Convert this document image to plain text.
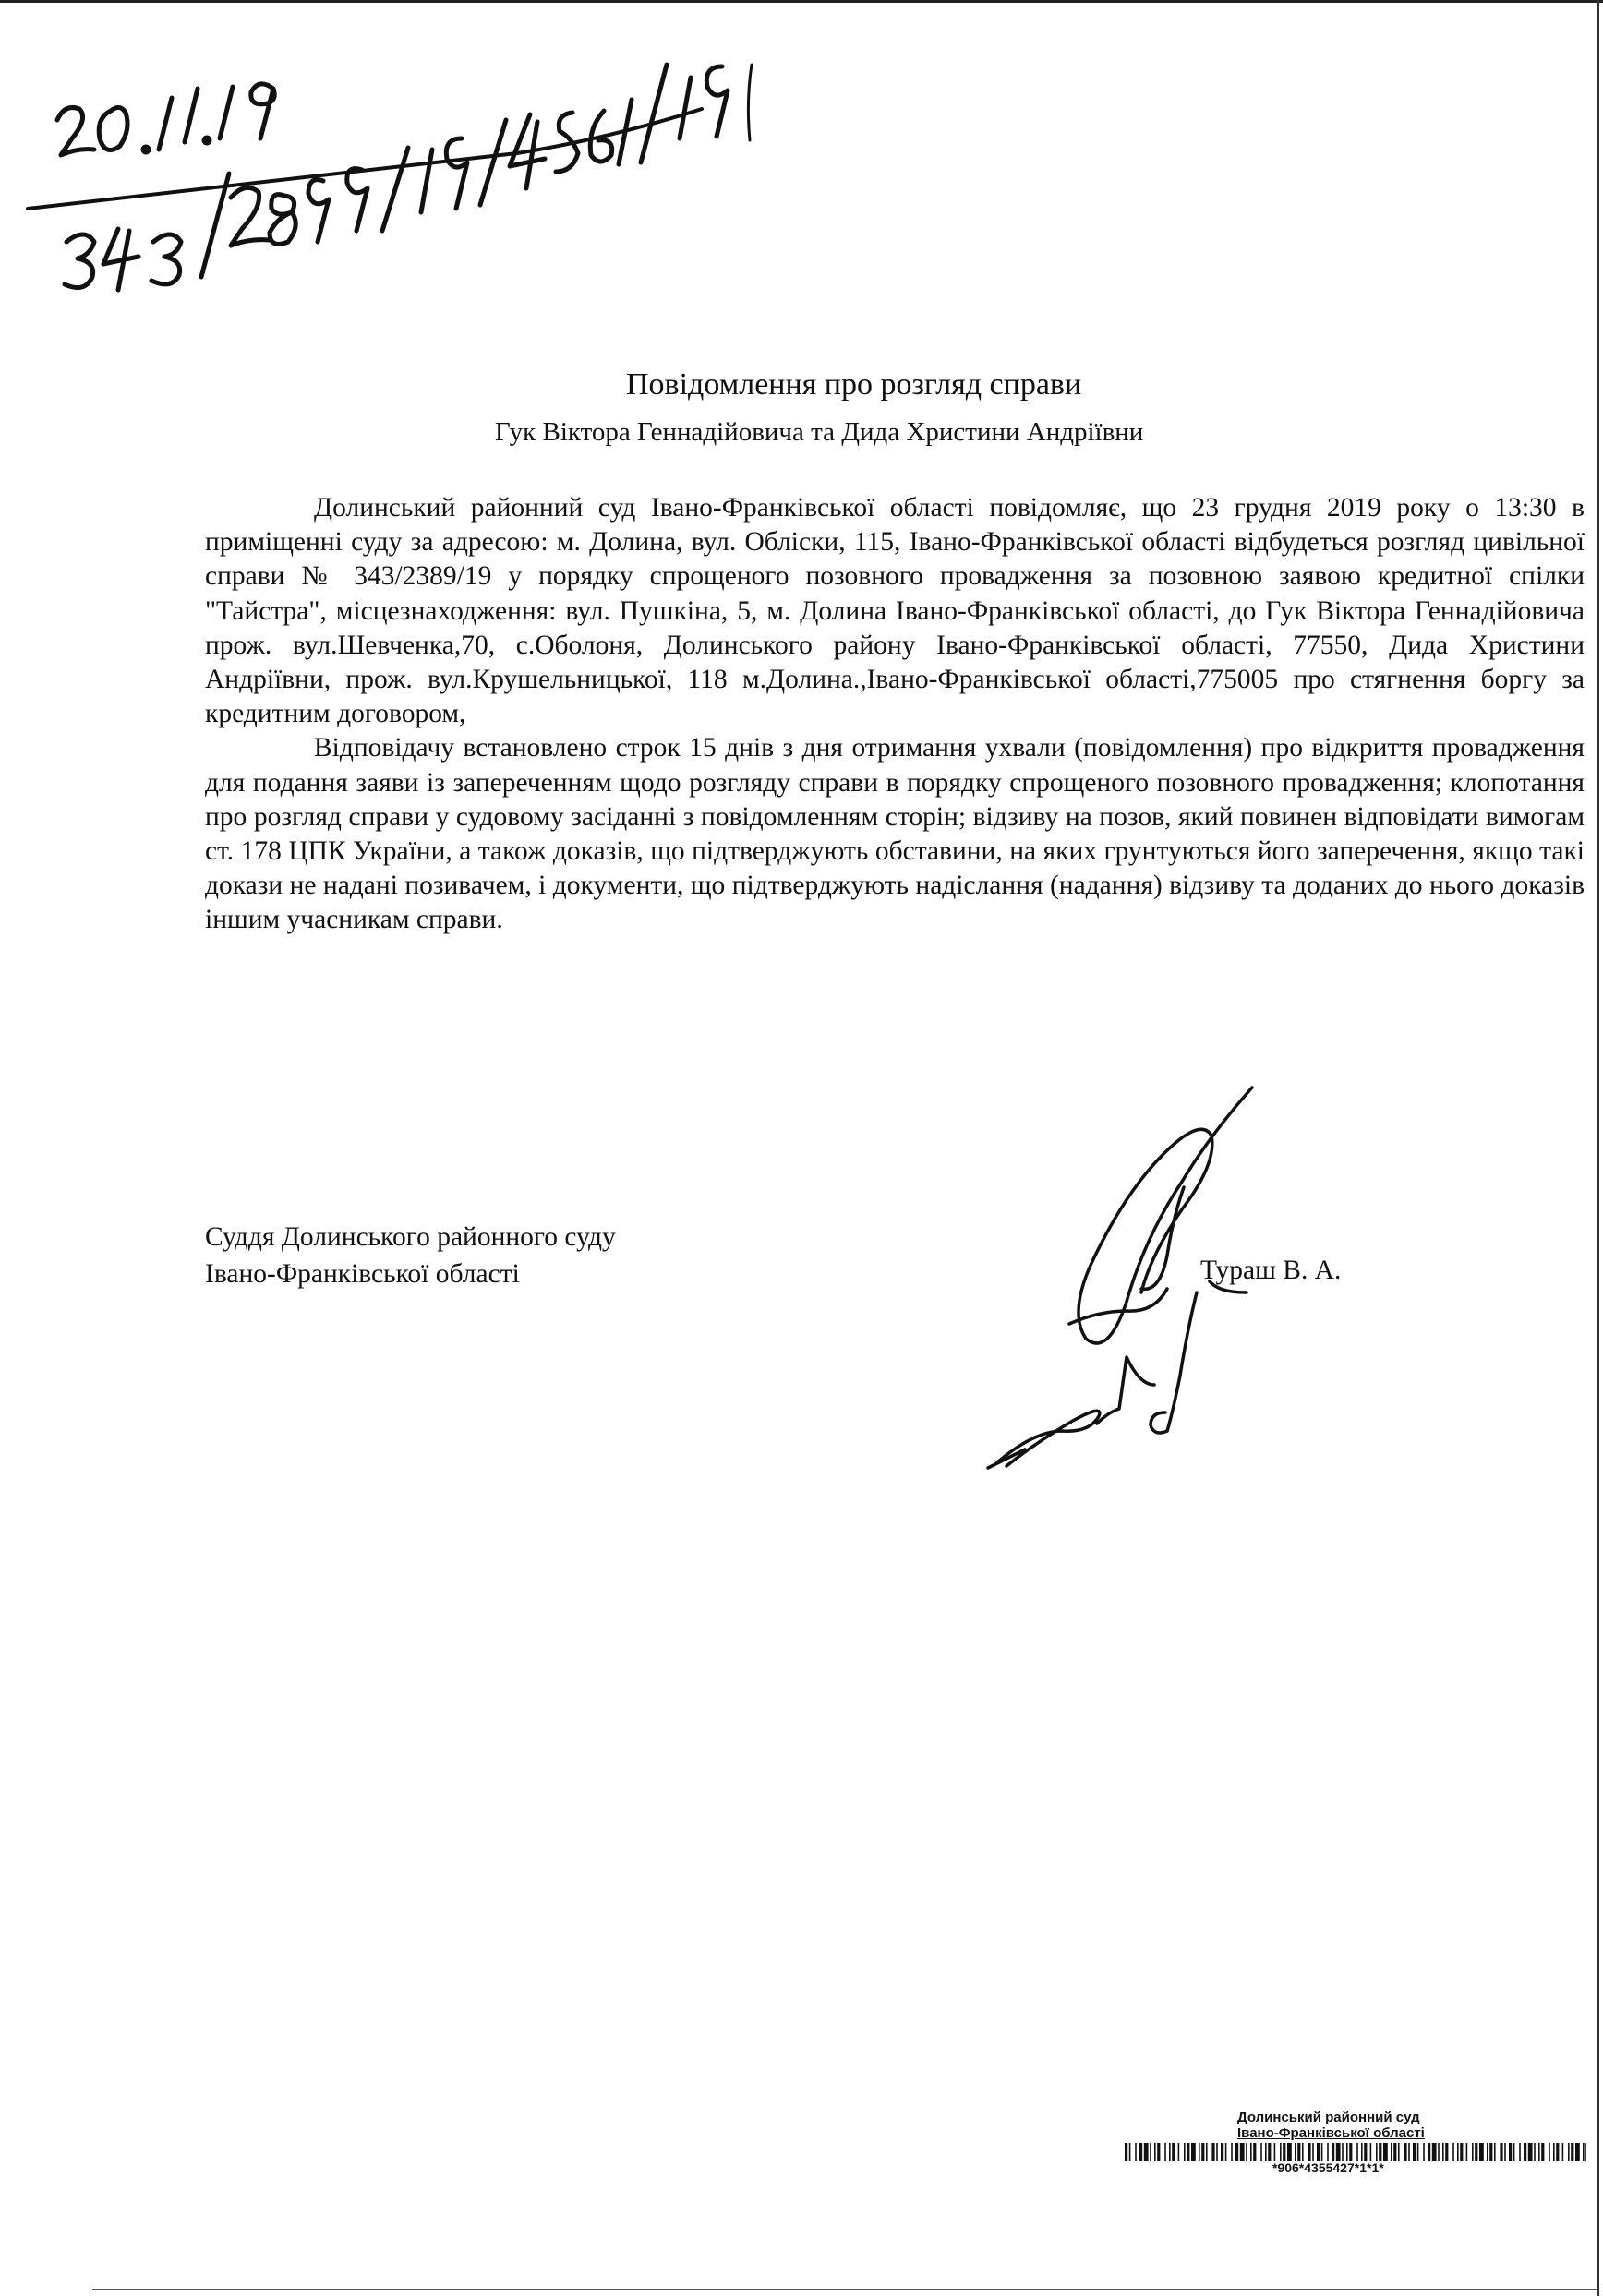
Повідомлення про розгляд справи
Гук Віктора Геннадійовича та Дида Христини Андріївни

Долинський районний суд Івано-Франківської області повідомляє, що 23 грудня 2019 року о 13:30 в приміщенні суду за адресою: м. Долина, вул. Обліски, 115, Івано-Франківської області відбудеться розгляд цивільної справи № 343/2389/19 у порядку спрощеного позовного провадження за позовною заявою кредитної спілки "Тайстра", місцезнаходження: вул. Пушкіна, 5, м. Долина Івано-Франківської області, до Гук Віктора Геннадійовича прож. вул.Шевченка,70, с.Оболоня, Долинського району Івано-Франківської області, 77550, Дида Христини Андріївни, прож. вул.Крушельницької, 118 м.Долина.,Івано-Франківської області,775005 про стягнення боргу за кредитним договором,

Відповідачу встановлено строк 15 днів з дня отримання ухвали (повідомлення) про відкриття провадження для подання заяви із запереченням щодо розгляду справи в порядку спрощеного позовного провадження; клопотання про розгляд справи у судовому засіданні з повідомленням сторін; відзиву на позов, який повинен відповідати вимогам ст. 178 ЦПК України, а також доказів, що підтверджують обставини, на яких грунтуються його заперечення, якщо такі докази не надані позивачем, і документи, що підтверджують надіслання (надання) відзиву та доданих до нього доказів іншим учасникам справи.

Суддя Долинського районного суду
Івано-Франківської області	Тураш В. А.
Долинський районний суд
Івано-Франківської області
*906*4355427*1*1*
